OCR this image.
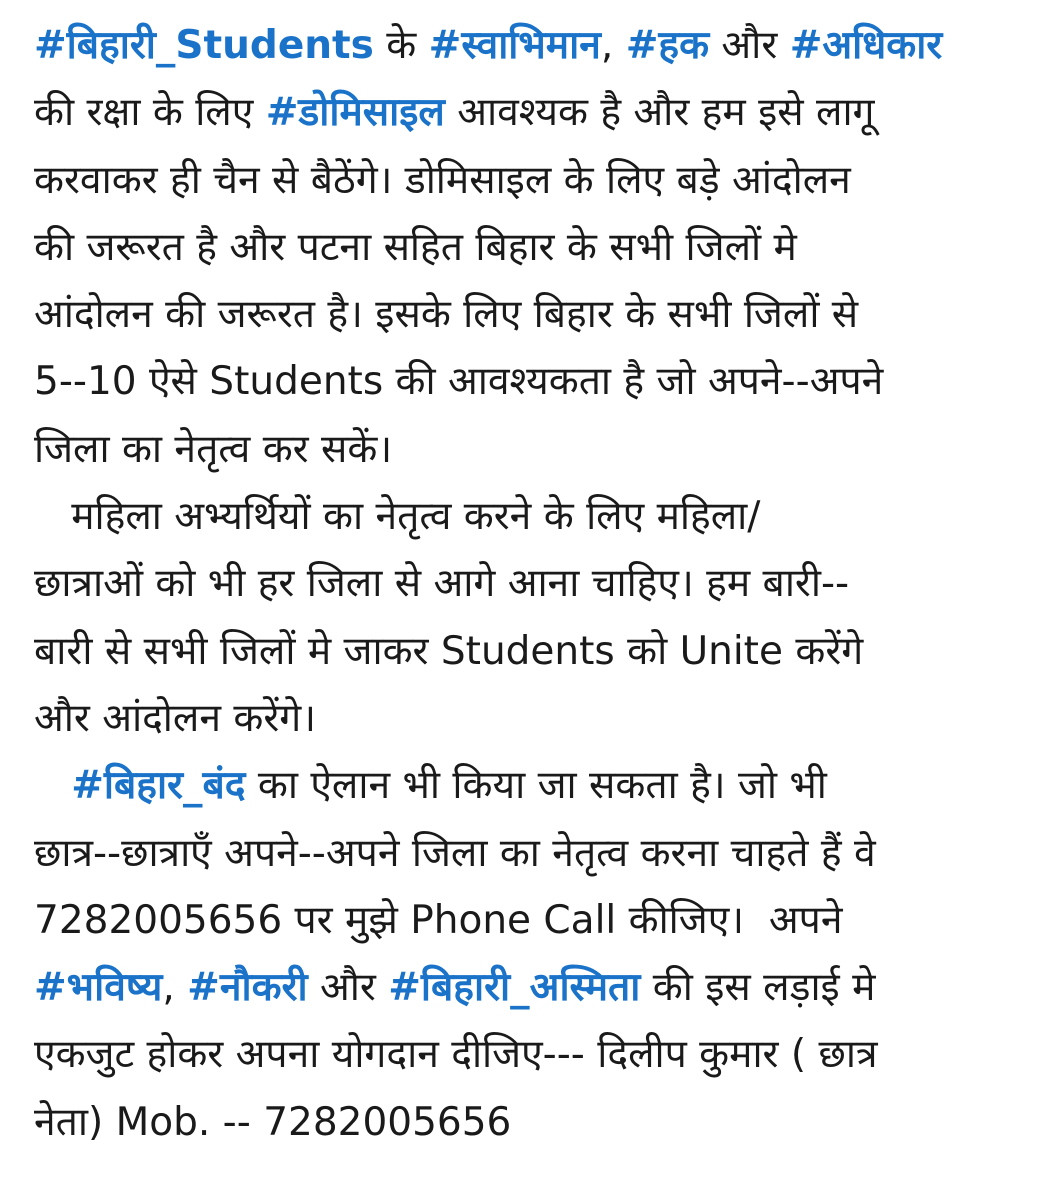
#बिहारी_Students के #स्वाभिमान, #हक और #अधिकार
की रक्षा के लिए #डोमिसाइल आवश्यक है और हम इसे लागू
करवाकर ही चैन से बैठेंगे। डोमिसाइल के लिए बड़े आंदोलन
की जरूरत है और पटना सहित बिहार के सभी जिलों मे
आंदोलन की जरूरत है। इसके लिए बिहार के सभी जिलों से
5--10 ऐसे Students की आवश्यकता है जो अपने--अपने
जिला का नेतृत्व कर सकें।
महिला अभ्यर्थियों का नेतृत्व करने के लिए महिला/
छात्राओं को भी हर जिला से आगे आना चाहिए। हम बारी--
बारी से सभी जिलों मे जाकर Students को Unite करेंगे
और आंदोलन करेंगे।
#बिहार_बंद का ऐलान भी किया जा सकता है। जो भी
छात्र--छात्राएँ अपने--अपने जिला का नेतृत्व करना चाहते हैं वे
7282005656 पर मुझे Phone Call कीजिए।  अपने
#भविष्य, #नौकरी और #बिहारी_अस्मिता की इस लड़ाई मे
एकजुट होकर अपना योगदान दीजिए--- दिलीप कुमार ( छात्र
नेता) Mob. -- 7282005656
